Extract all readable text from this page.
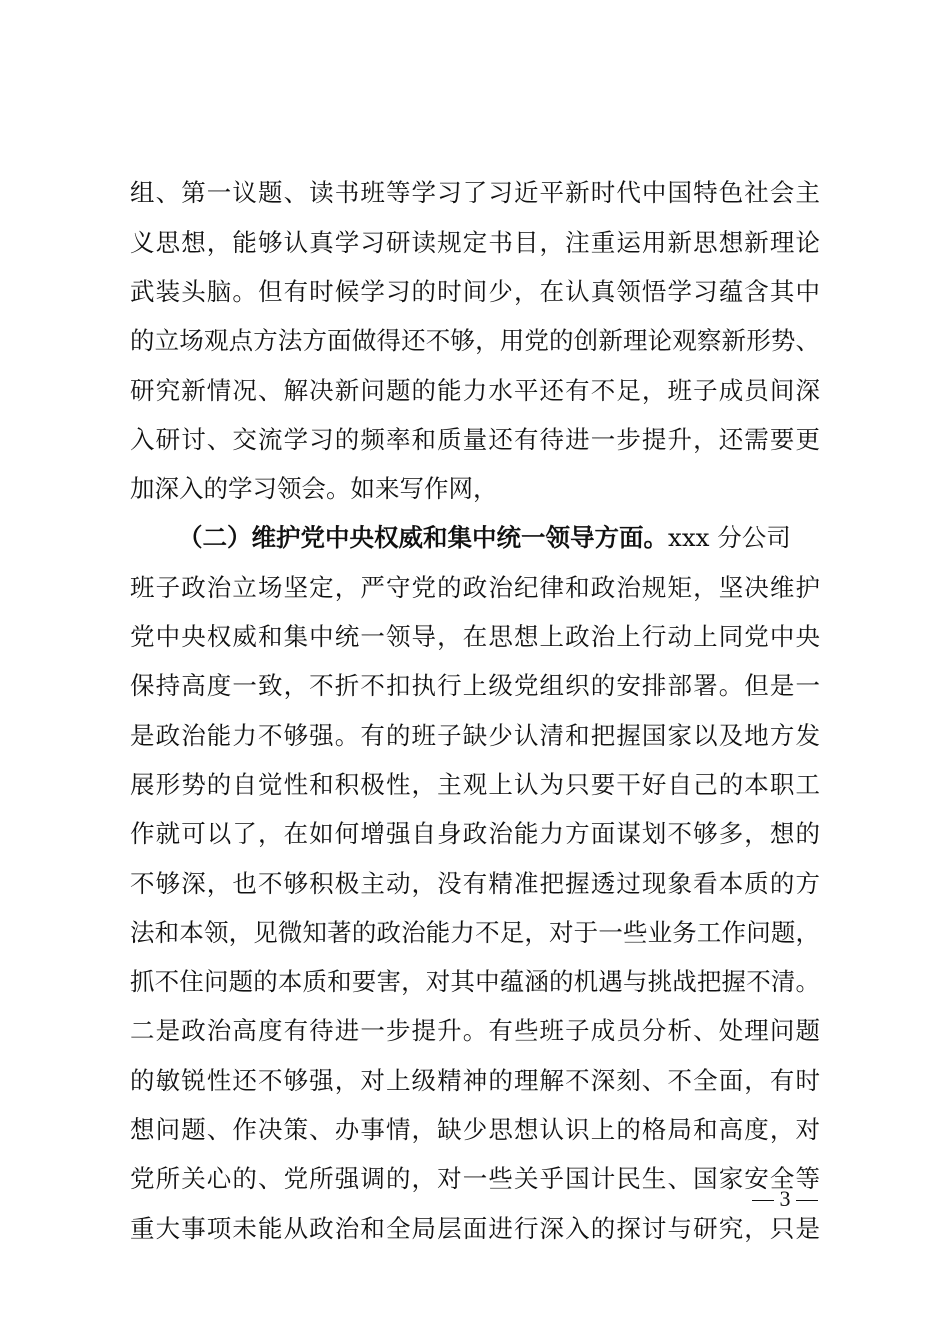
组、第一议题、读书班等学习了习近平新时代中国特色社会主
义思想，能够认真学习研读规定书目，注重运用新思想新理论
武装头脑。但有时候学习的时间少，在认真领悟学习蕴含其中
的立场观点方法方面做得还不够，用党的创新理论观察新形势、
研究新情况、解决新问题的能力水平还有不足，班子成员间深
入研讨、交流学习的频率和质量还有待进一步提升，还需要更
加深入的学习领会。如来写作网，
（二）维护党中央权威和集中统一领导方面。xxx 分公司
班子政治立场坚定，严守党的政治纪律和政治规矩，坚决维护
党中央权威和集中统一领导，在思想上政治上行动上同党中央
保持高度一致，不折不扣执行上级党组织的安排部署。但是一
是政治能力不够强。有的班子缺少认清和把握国家以及地方发
展形势的自觉性和积极性，主观上认为只要干好自己的本职工
作就可以了，在如何增强自身政治能力方面谋划不够多，想的
不够深，也不够积极主动，没有精准把握透过现象看本质的方
法和本领，见微知著的政治能力不足，对于一些业务工作问题，
抓不住问题的本质和要害，对其中蕴涵的机遇与挑战把握不清。
二是政治高度有待进一步提升。有些班子成员分析、处理问题
的敏锐性还不够强，对上级精神的理解不深刻、不全面，有时
想问题、作决策、办事情，缺少思想认识上的格局和高度，对
党所关心的、党所强调的，对一些关乎国计民生、国家安全等
重大事项未能从政治和全局层面进行深入的探讨与研究，只是
3
